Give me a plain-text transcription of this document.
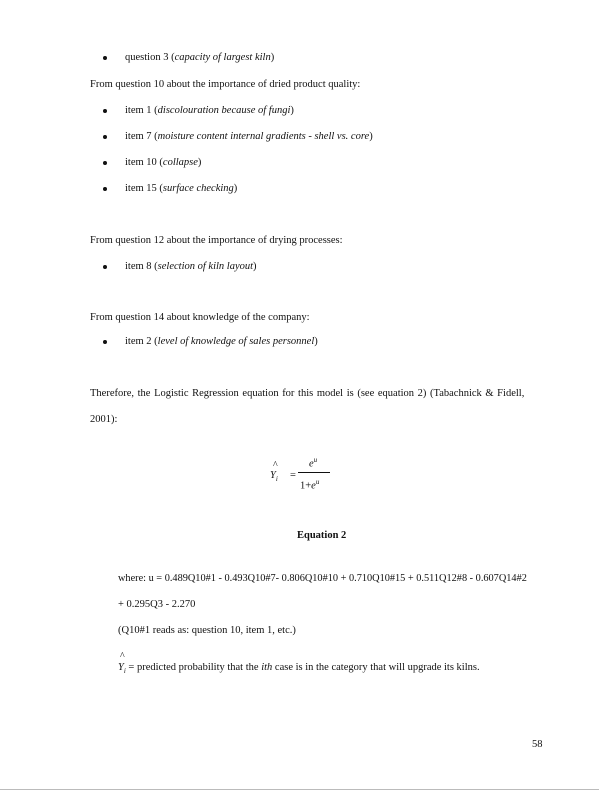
question 3 (capacity of largest kiln)
From question 10 about the importance of dried product quality:
item 1 (discolouration because of fungi)
item 7 (moisture content internal gradients - shell vs. core)
item 10 (collapse)
item 15 (surface checking)
From question 12 about the importance of drying processes:
item 8 (selection of kiln layout)
From question 14 about knowledge of the company:
item 2 (level of knowledge of sales personnel)
Therefore, the Logistic Regression equation for this model is (see equation 2) (Tabachnick & Fidell,
2001):
^
$Y_i$ =
$e^u$
$1+e^u$
Equation 2
where: u = 0.489Q10#1 - 0.493Q10#7- 0.806Q10#10 + 0.710Q10#15 + 0.511Q12#8 - 0.607Q14#2
+ 0.295Q3 - 2.270
(Q10#1 reads as: question 10, item 1, etc.)
^
$Y_i$ = predicted probability that the ith case is in the category that will upgrade its kilns.
58
